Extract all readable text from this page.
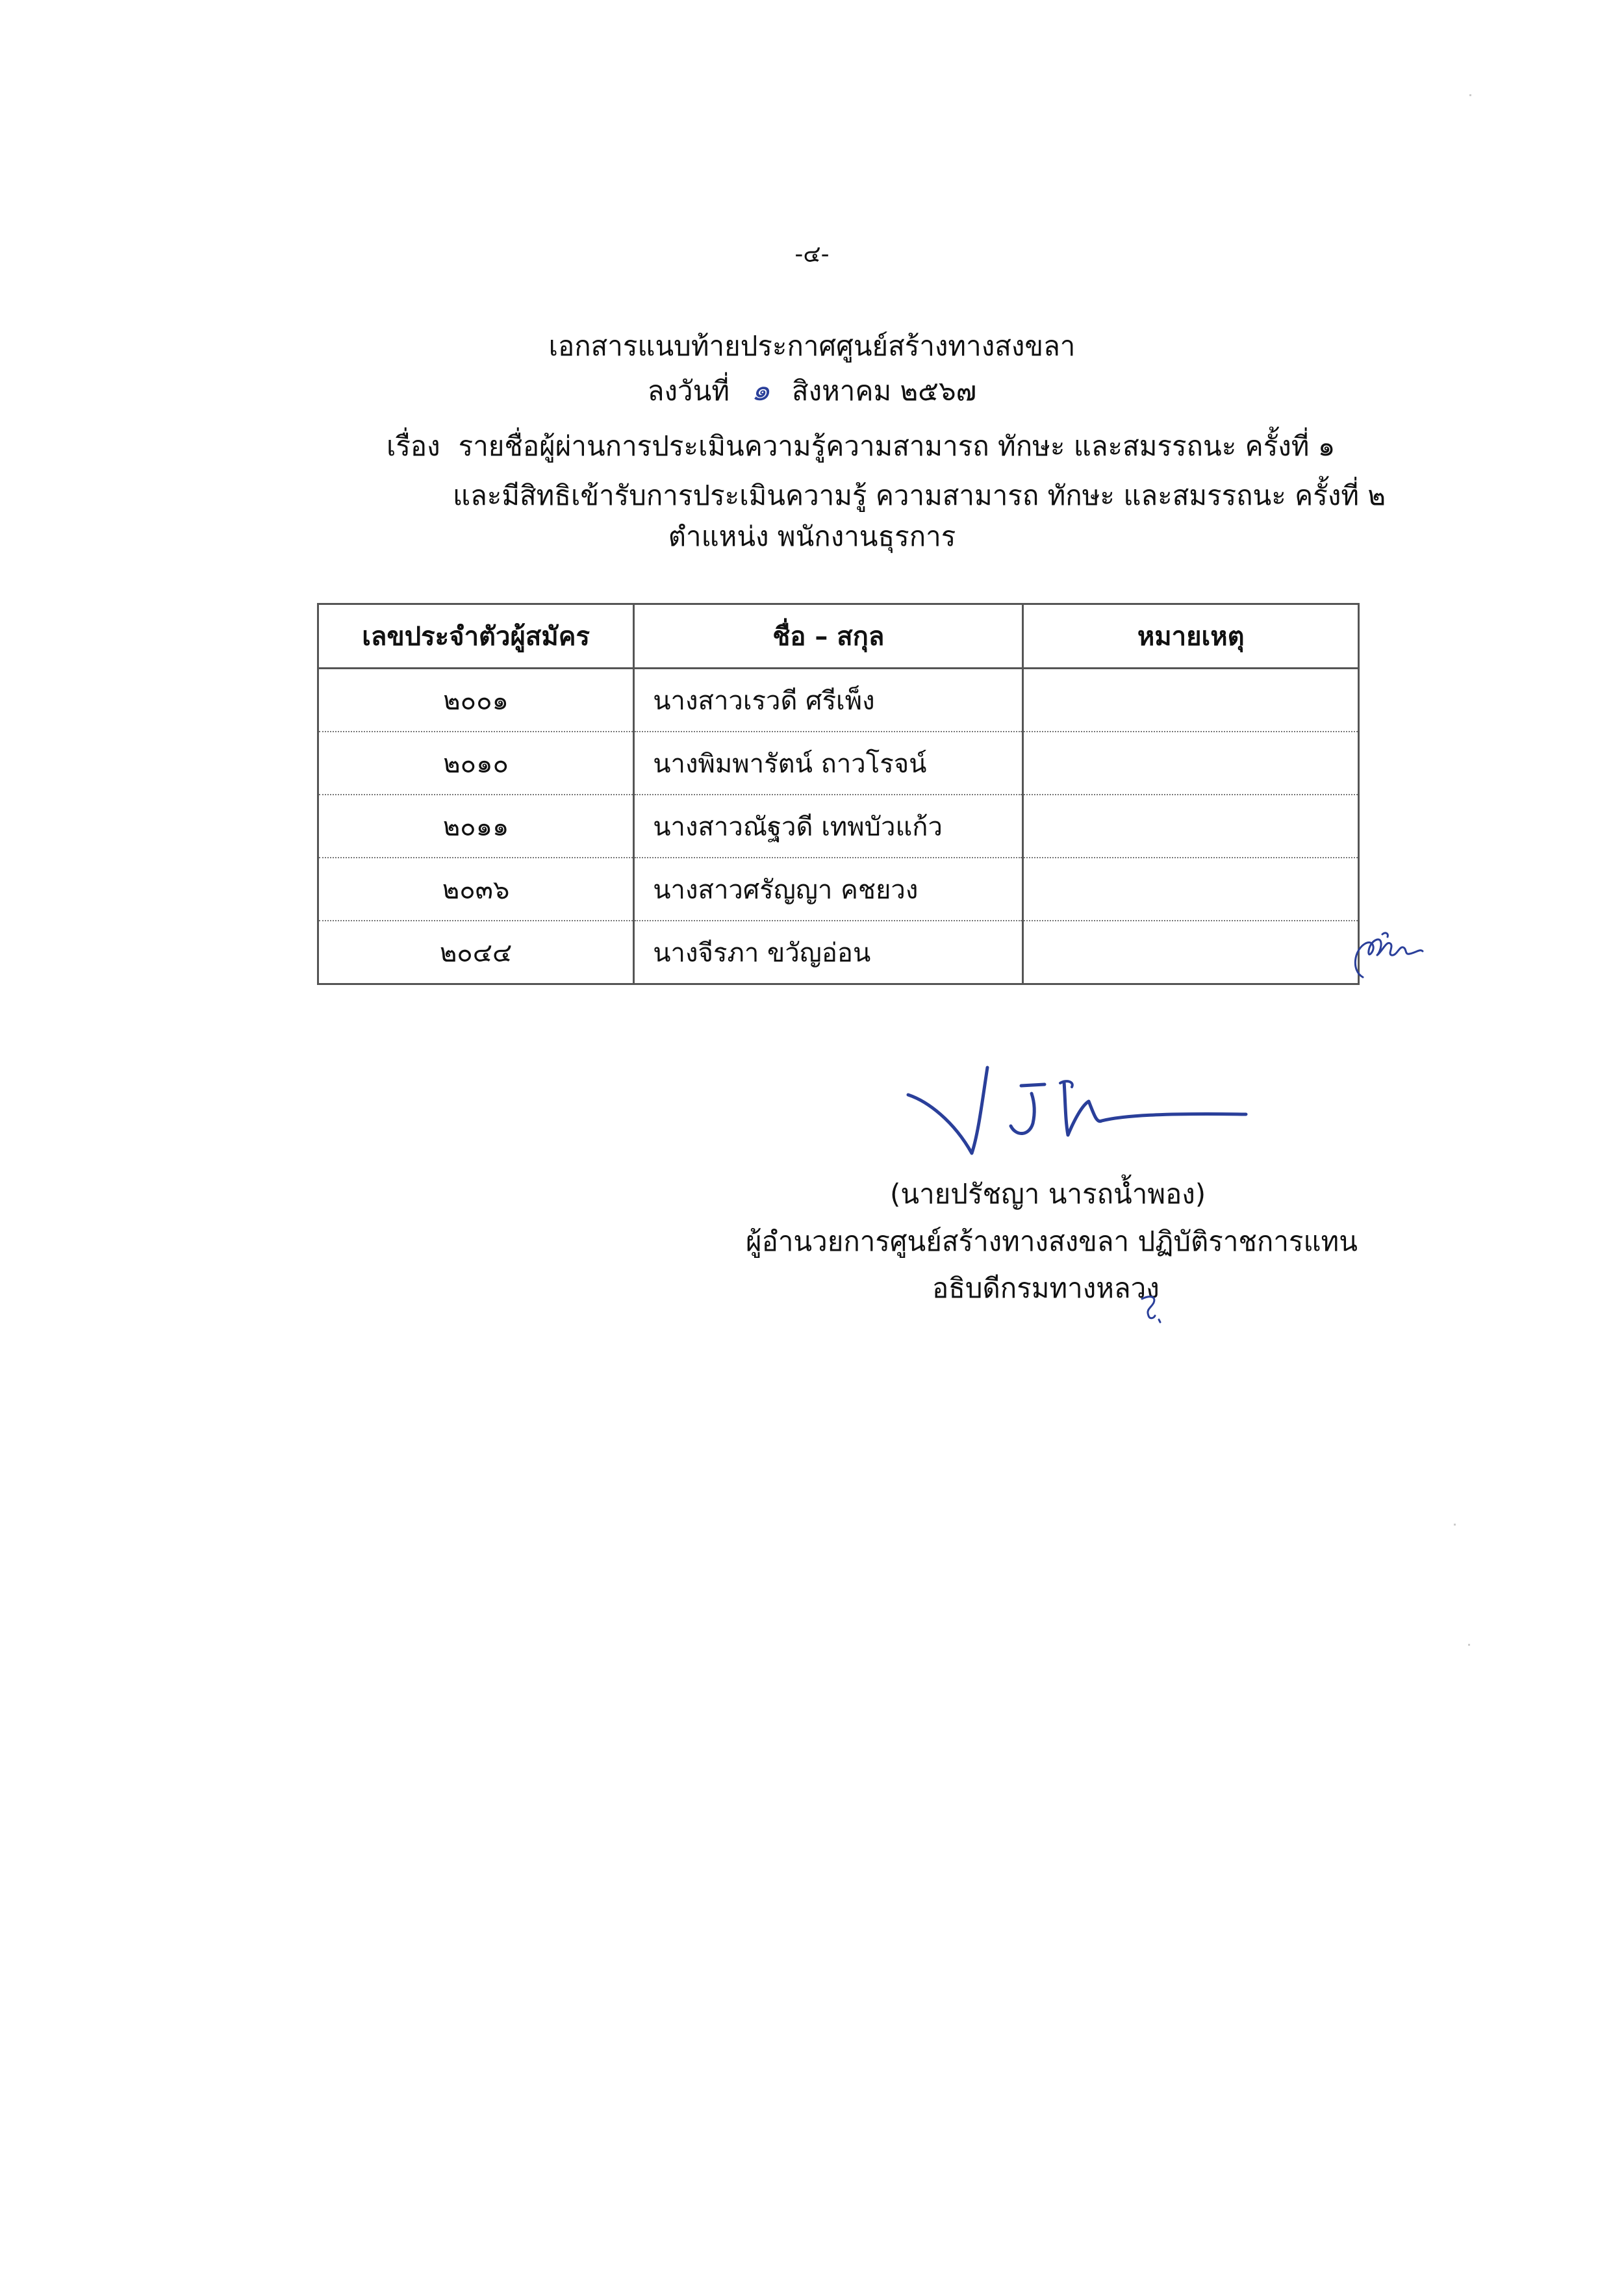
-๔-
เอกสารแนบท้ายประกาศศูนย์สร้างทางสงขลา
ลงวันที่ ๑ สิงหาคม ๒๕๖๗
เรื่อง รายชื่อผู้ผ่านการประเมินความรู้ความสามารถ ทักษะ และสมรรถนะ ครั้งที่ ๑
และมีสิทธิเข้ารับการประเมินความรู้ ความสามารถ ทักษะ และสมรรถนะ ครั้งที่ ๒
ตำแหน่ง พนักงานธุรการ
เลขประจำตัวผู้สมัคร	ชื่อ – สกุล	หมายเหตุ
๒๐๐๑	นางสาวเรวดี ศรีเพ็ง	
๒๐๑๐	นางพิมพารัตน์ ถาวโรจน์	
๒๐๑๑	นางสาวณัฐวดี เทพบัวแก้ว	
๒๐๓๖	นางสาวศรัญญา คชยวง	
๒๐๔๔	นางจีรภา ขวัญอ่อน	
(นายปรัชญา นารถน้ำพอง)
ผู้อำนวยการศูนย์สร้างทางสงขลา ปฏิบัติราชการแทน
อธิบดีกรมทางหลวง
